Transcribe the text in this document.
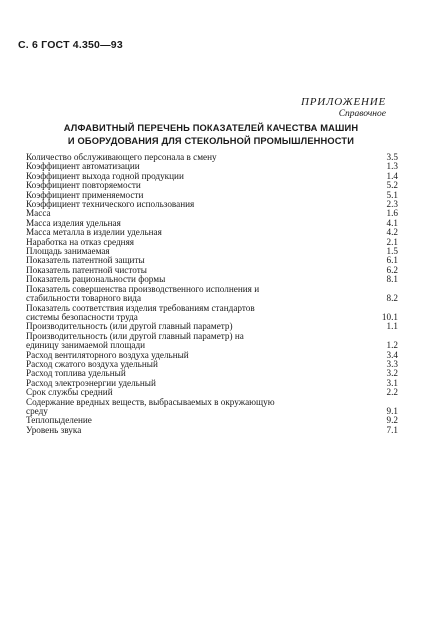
С. 6 ГОСТ 4.350—93
ПРИЛОЖЕНИЕ
Справочное
АЛФАВИТНЫЙ ПЕРЕЧЕНЬ ПОКАЗАТЕЛЕЙ КАЧЕСТВА МАШИН
И ОБОРУДОВАНИЯ ДЛЯ СТЕКОЛЬНОЙ ПРОМЫШЛЕННОСТИ
Количество обслуживающего персонала в смену	3.5
Коэффициент автоматизации	1.3
Коэффициент выхода годной продукции	1.4
Коэффициент повторяемости	5.2
Коэффициент применяемости	5.1
Коэффициент технического использования	2.3
Масса	1.6
Масса изделия удельная	4.1
Масса металла в изделии удельная	4.2
Наработка на отказ средняя	2.1
Площадь занимаемая	1.5
Показатель патентной защиты	6.1
Показатель патентной чистоты	6.2
Показатель рациональности формы	8.1
Показатель совершенства производственного исполнения и
стабильности товарного вида	8.2
Показатель соответствия изделия требованиям стандартов
системы безопасности труда	10.1
Производительность (или другой главный параметр)	1.1
Производительность (или другой главный параметр) на
единицу занимаемой площади	1.2
Расход вентиляторного воздуха удельный	3.4
Расход сжатого воздуха удельный	3.3
Расход топлива удельный	3.2
Расход электроэнергии удельный	3.1
Срок службы средний	2.2
Содержание вредных веществ, выбрасываемых в окружающую
среду	9.1
Теплопыделение	9.2
Уровень звука	7.1
